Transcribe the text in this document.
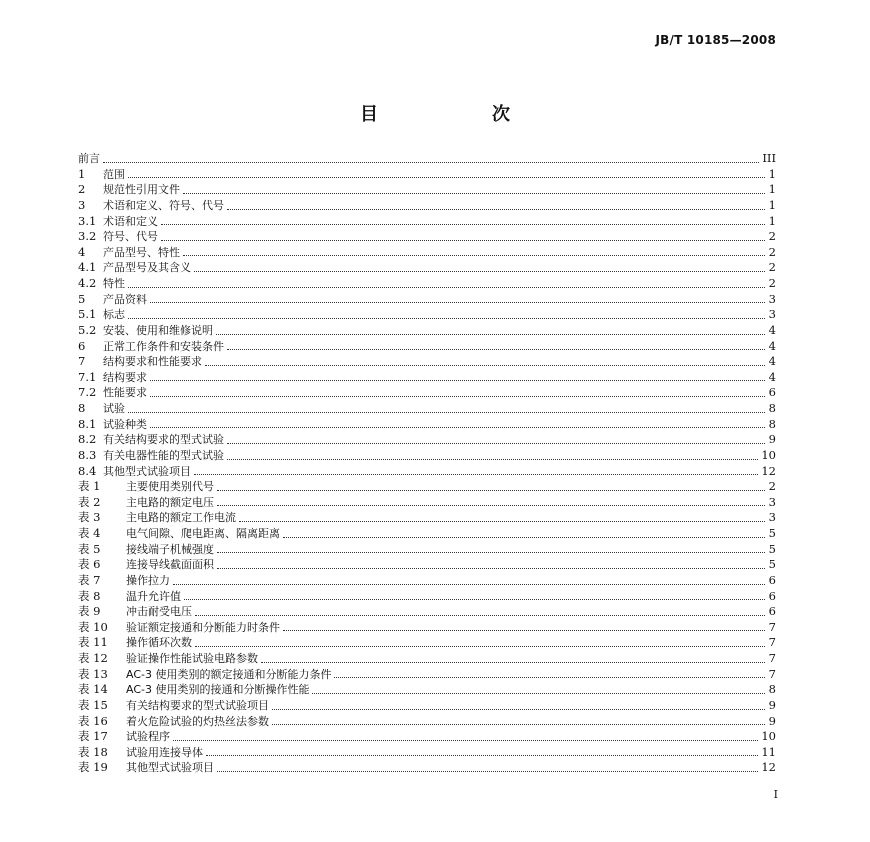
JB/T 10185—2008
目　次
前言	III
1	范围	1
2	规范性引用文件	1
3	术语和定义、符号、代号	1
3.1 术语和定义	1
3.2 符号、代号	2
4	产品型号、特性	2
4.1 产品型号及其含义	2
4.2 特性	2
5	产品资料	3
5.1 标志	3
5.2 安装、使用和维修说明	4
6	正常工作条件和安装条件	4
7	结构要求和性能要求	4
7.1 结构要求	4
7.2 性能要求	6
8	试验	8
8.1 试验种类	8
8.2 有关结构要求的型式试验	9
8.3 有关电器性能的型式试验	10
8.4 其他型式试验项目	12
表 1	主要使用类别代号	2
表 2	主电路的额定电压	3
表 3	主电路的额定工作电流	3
表 4	电气间隙、爬电距离、隔离距离	5
表 5	接线端子机械强度	5
表 6	连接导线截面面积	5
表 7	操作拉力	6
表 8	温升允许值	6
表 9	冲击耐受电压	6
表 10	验证额定接通和分断能力时条件	7
表 11	操作循环次数	7
表 12	验证操作性能试验电路参数	7
表 13	AC-3 使用类别的额定接通和分断能力条件	7
表 14	AC-3 使用类别的接通和分断操作性能	8
表 15	有关结构要求的型式试验项目	9
表 16	着火危险试验的灼热丝法参数	9
表 17	试验程序	10
表 18	试验用连接导体	11
表 19	其他型式试验项目	12
I
